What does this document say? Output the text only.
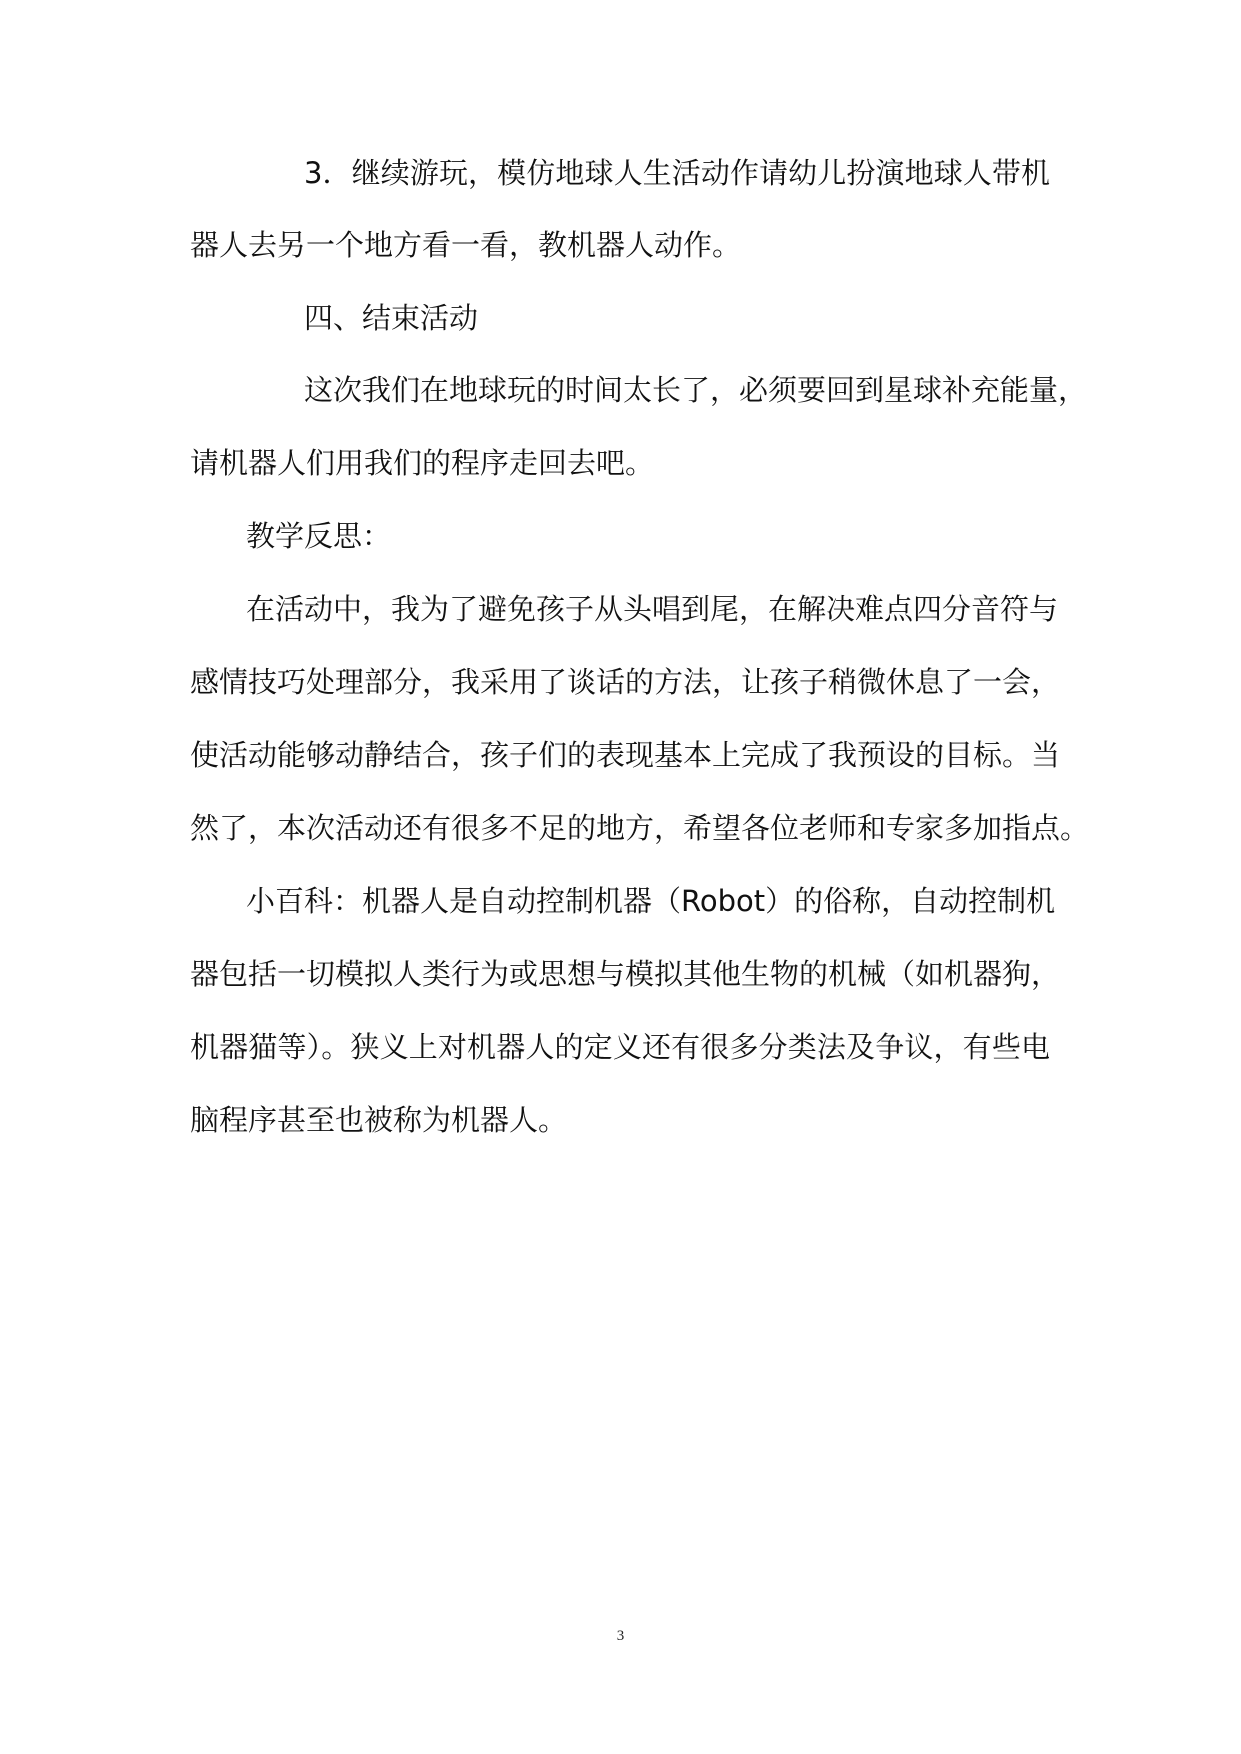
3．继续游玩，模仿地球人生活动作请幼儿扮演地球人带机
器人去另一个地方看一看，教机器人动作。
四、结束活动
这次我们在地球玩的时间太长了，必须要回到星球补充能量，
请机器人们用我们的程序走回去吧。
教学反思：
在活动中，我为了避免孩子从头唱到尾，在解决难点四分音符与
感情技巧处理部分，我采用了谈话的方法，让孩子稍微休息了一会，
使活动能够动静结合，孩子们的表现基本上完成了我预设的目标。当
然了，本次活动还有很多不足的地方，希望各位老师和专家多加指点。
小百科：机器人是自动控制机器（Robot）的俗称，自动控制机
器包括一切模拟人类行为或思想与模拟其他生物的机械（如机器狗，
机器猫等）。狭义上对机器人的定义还有很多分类法及争议，有些电
脑程序甚至也被称为机器人。
3
